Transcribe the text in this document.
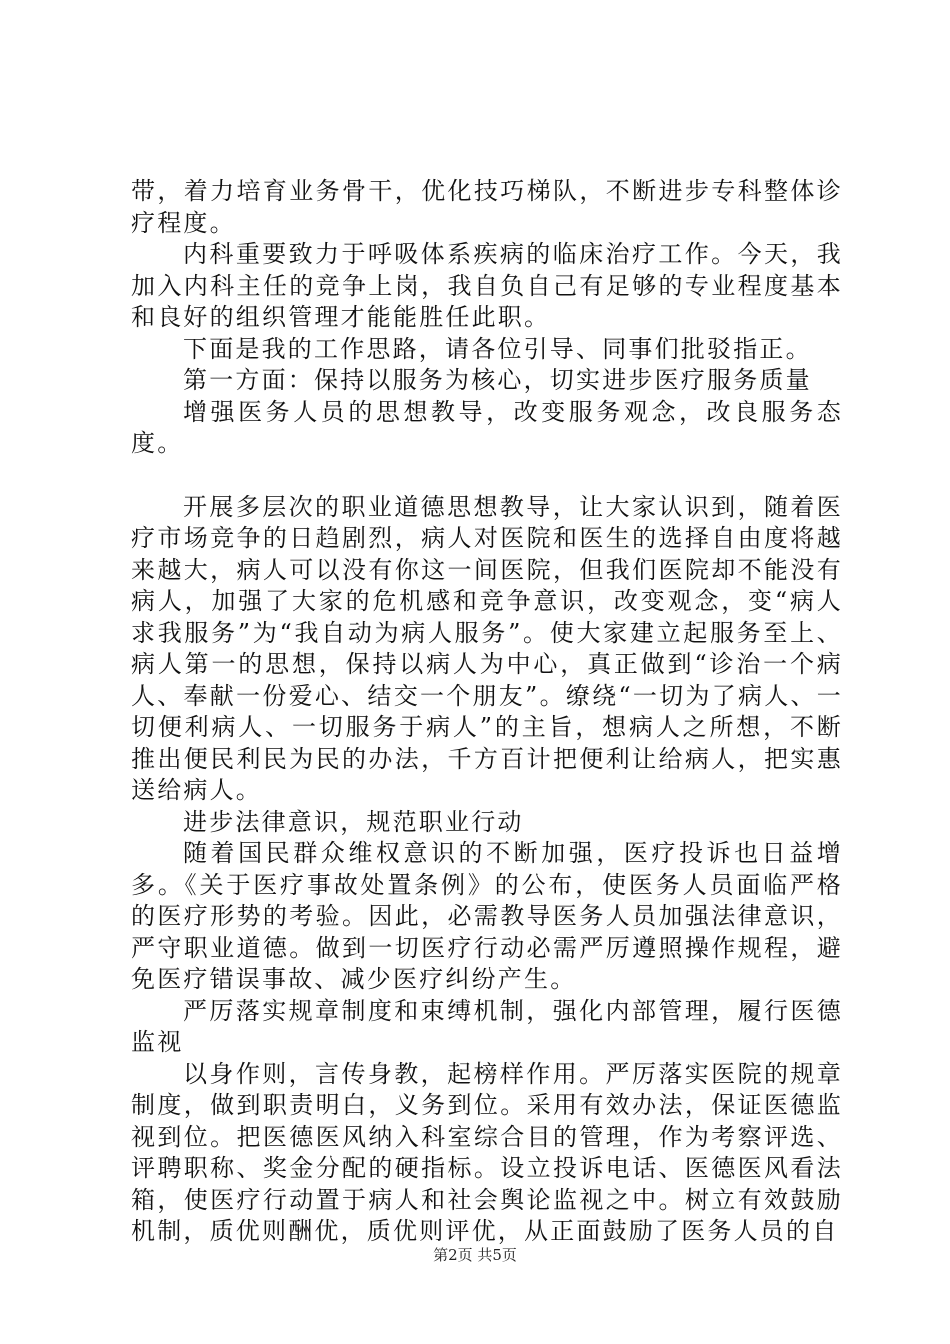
带，着力培育业务骨干，优化技巧梯队，不断进步专科整体诊疗程度。

内科重要致力于呼吸体系疾病的临床治疗工作。今天，我加入内科主任的竞争上岗，我自负自己有足够的专业程度基本和良好的组织管理才能能胜任此职。

下面是我的工作思路，请各位引导、同事们批驳指正。

第一方面：保持以服务为核心，切实进步医疗服务质量

增强医务人员的思想教导，改变服务观念，改良服务态度。

开展多层次的职业道德思想教导，让大家认识到，随着医疗市场竞争的日趋剧烈，病人对医院和医生的选择自由度将越来越大，病人可以没有你这一间医院，但我们医院却不能没有病人，加强了大家的危机感和竞争意识，改变观念，变“病人求我服务”为“我自动为病人服务”。使大家建立起服务至上、病人第一的思想，保持以病人为中心，真正做到“诊治一个病人、奉献一份爱心、结交一个朋友”。缭绕“一切为了病人、一切便利病人、一切服务于病人”的主旨，想病人之所想，不断推出便民利民为民的办法，千方百计把便利让给病人，把实惠送给病人。

进步法律意识，规范职业行动

随着国民群众维权意识的不断加强，医疗投诉也日益增多。《关于医疗事故处置条例》的公布，使医务人员面临严格的医疗形势的考验。因此，必需教导医务人员加强法律意识，严守职业道德。做到一切医疗行动必需严厉遵照操作规程，避免医疗错误事故、减少医疗纠纷产生。

严厉落实规章制度和束缚机制，强化内部管理，履行医德监视

以身作则，言传身教，起榜样作用。严厉落实医院的规章制度，做到职责明白，义务到位。采用有效办法，保证医德监视到位。把医德医风纳入科室综合目的管理，作为考察评选、评聘职称、奖金分配的硬指标。设立投诉电话、医德医风看法箱，使医疗行动置于病人和社会舆论监视之中。树立有效鼓励机制，质优则酬优，质优则评优，从正面鼓励了医务人员的自

第2页 共5页
